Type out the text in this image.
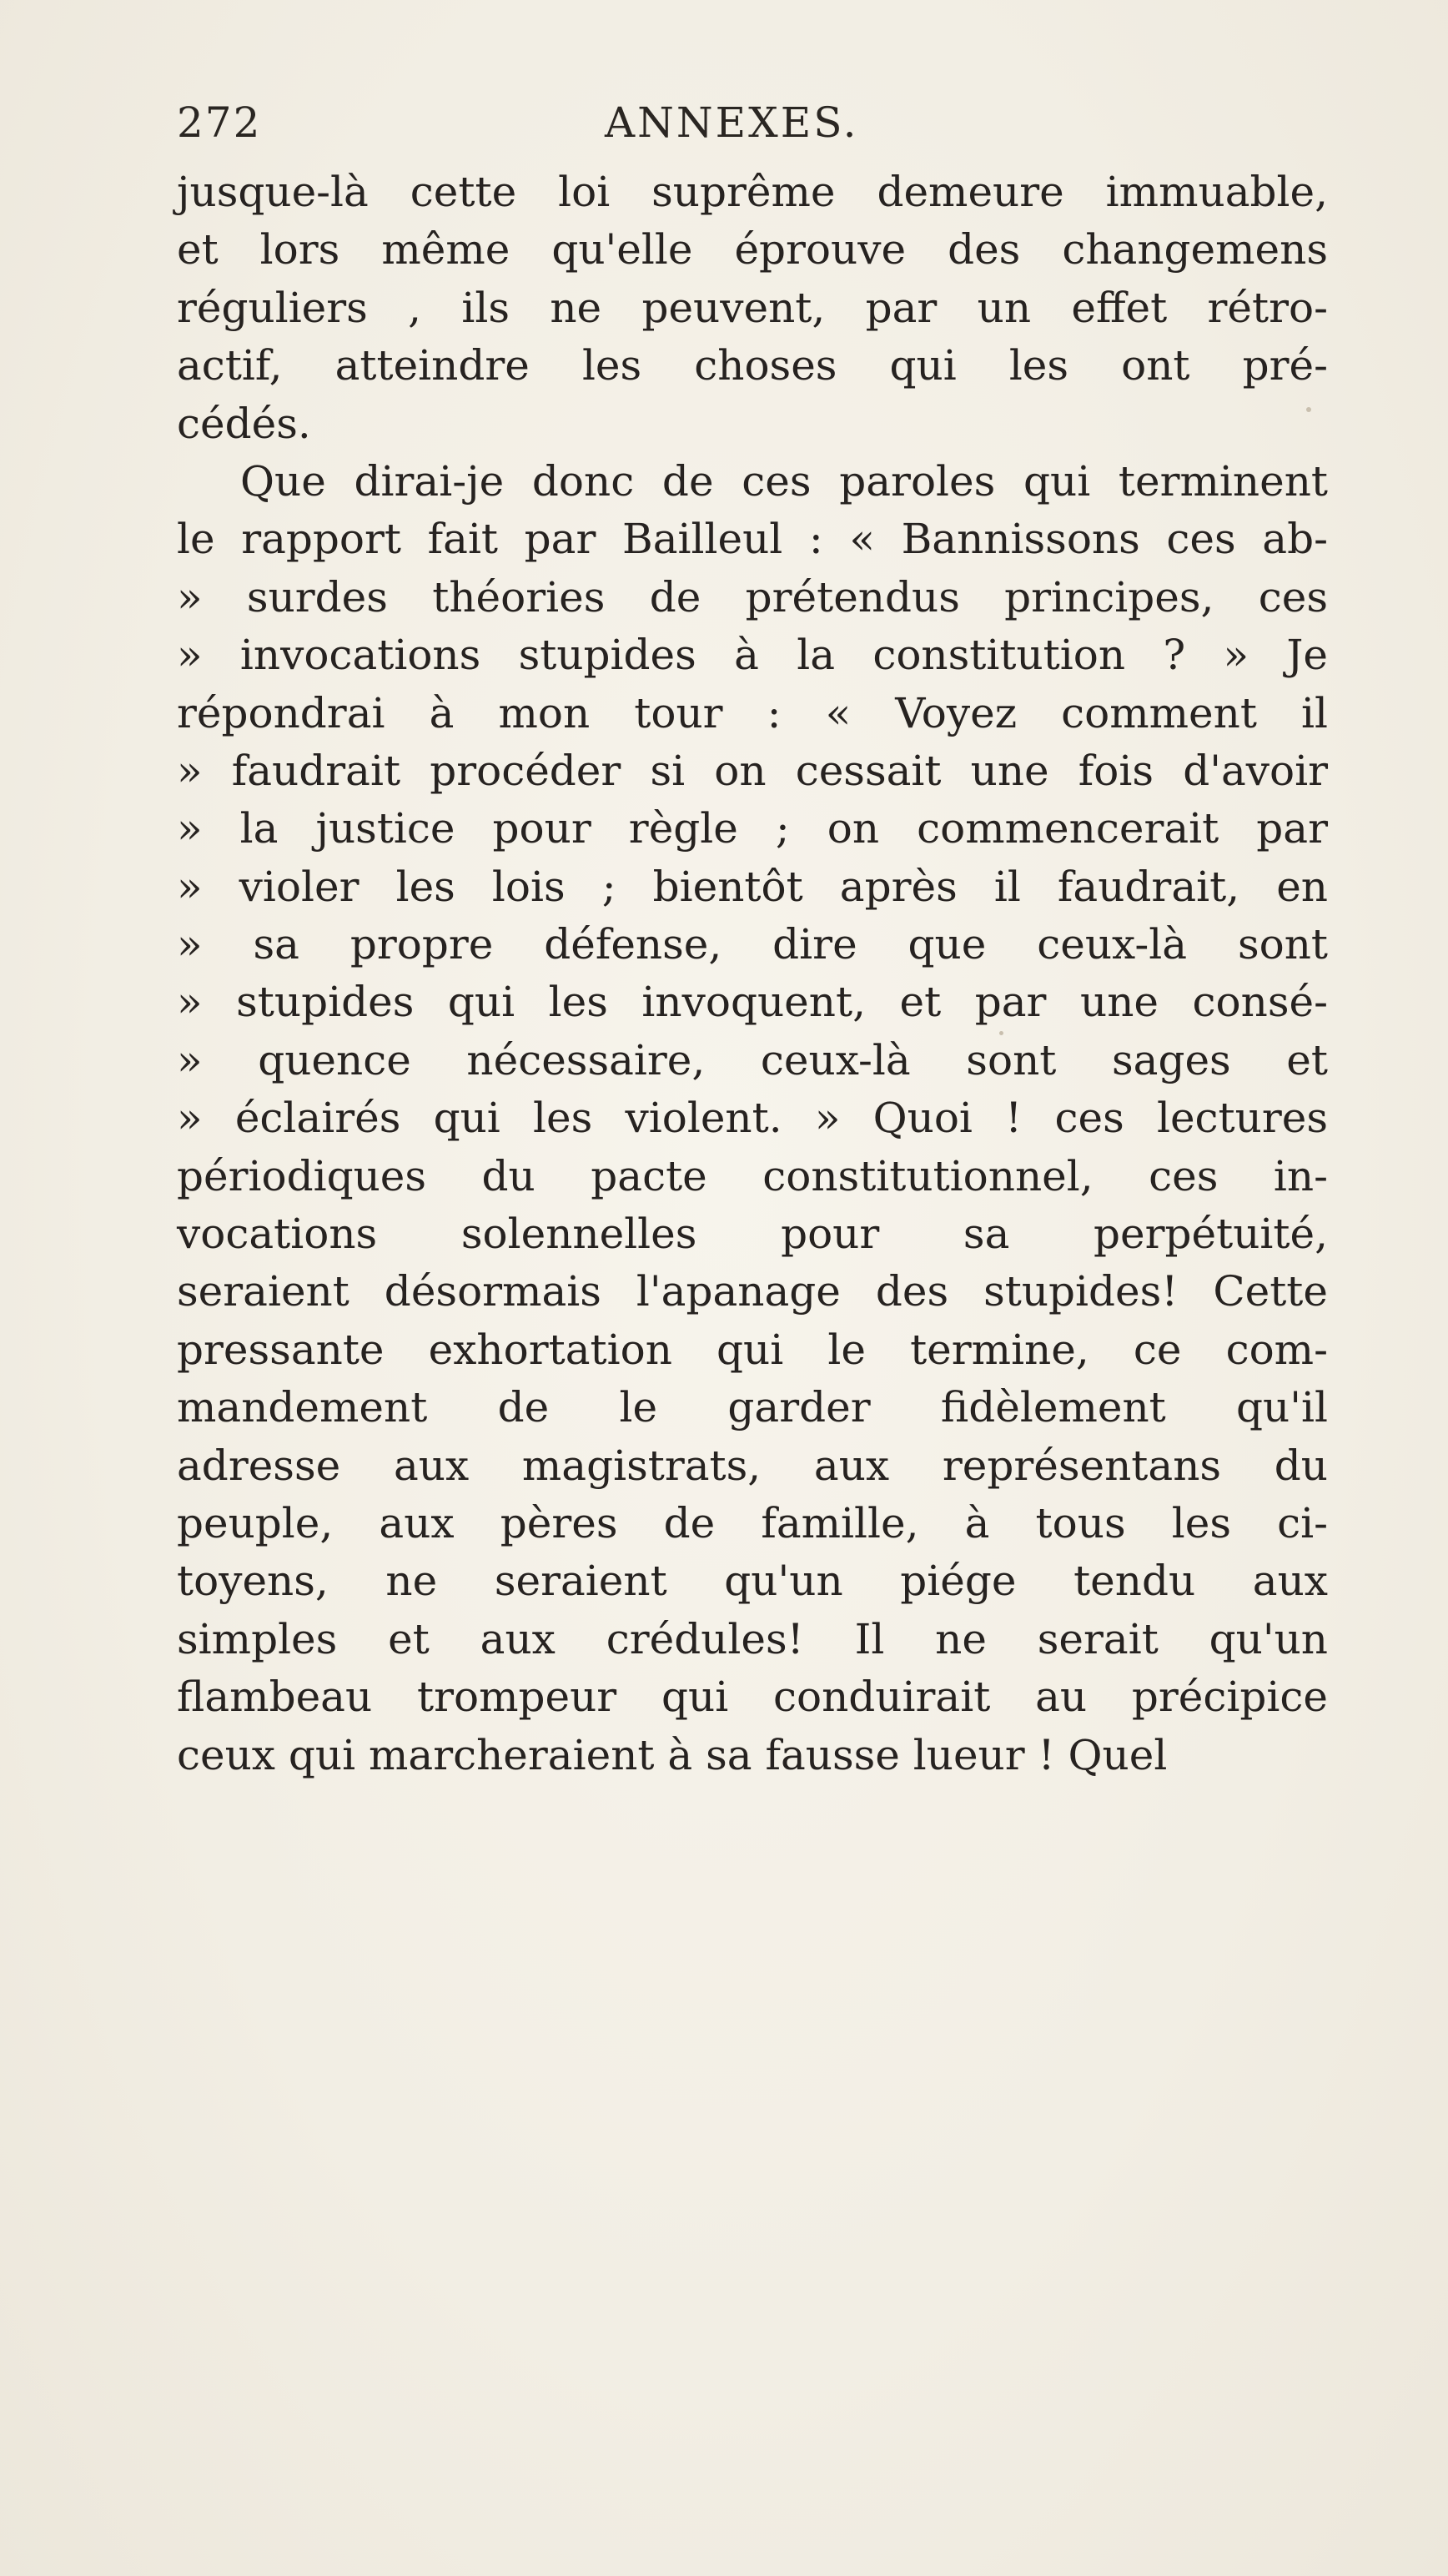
272	ANNEXES.
jusque-là cette loi suprême demeure immuable,
et lors même qu'elle éprouve des changemens
réguliers , ils ne peuvent, par un effet rétro-
actif, atteindre les choses qui les ont pré-
cédés.
Que dirai-je donc de ces paroles qui terminent
le rapport fait par Bailleul : « Bannissons ces ab-
» surdes théories de prétendus principes, ces
» invocations stupides à la constitution ? » Je
répondrai à mon tour : « Voyez comment il
» faudrait procéder si on cessait une fois d'avoir
» la justice pour règle ; on commencerait par
» violer les lois ; bientôt après il faudrait, en
» sa propre défense, dire que ceux-là sont
» stupides qui les invoquent, et par une consé-
» quence nécessaire, ceux-là sont sages et
» éclairés qui les violent. » Quoi ! ces lectures
périodiques du pacte constitutionnel, ces in-
vocations solennelles pour sa perpétuité,
seraient désormais l'apanage des stupides! Cette
pressante exhortation qui le termine, ce com-
mandement de le garder fidèlement qu'il
adresse aux magistrats, aux représentans du
peuple, aux pères de famille, à tous les ci-
toyens, ne seraient qu'un piége tendu aux
simples et aux crédules! Il ne serait qu'un
flambeau trompeur qui conduirait au précipice
ceux qui marcheraient à sa fausse lueur ! Quel
